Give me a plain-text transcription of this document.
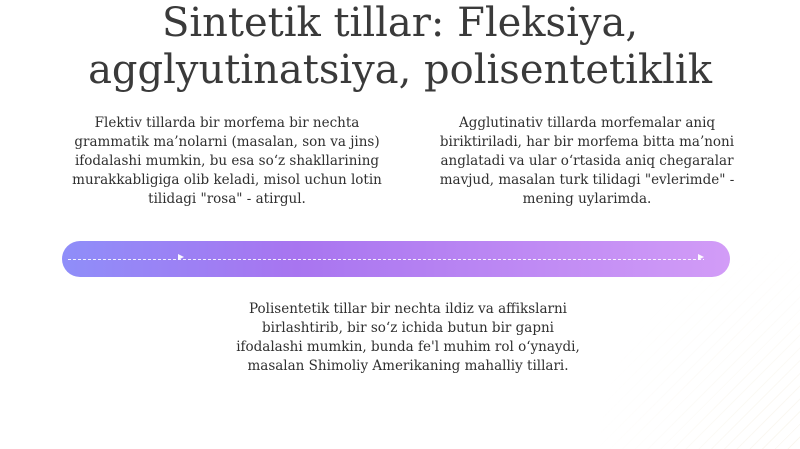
Sintetik tillar: Fleksiya, agglyutinatsiya, polisentetiklik

Flektiv tillarda bir morfema bir nechta grammatik ma’nolarni (masalan, son va jins) ifodalashi mumkin, bu esa soʻz shakllarining murakkabligiga olib keladi, misol uchun lotin tilidagi "rosa" - atirgul.

Agglutinativ tillarda morfemalar aniq biriktiriladi, har bir morfema bitta ma’noni anglatadi va ular oʻrtasida aniq chegaralar mavjud, masalan turk tilidagi "evlerimde" - mening uylarimda.

Polisentetik tillar bir nechta ildiz va affikslarni birlashtirib, bir soʻz ichida butun bir gapni ifodalashi mumkin, bunda fe'l muhim rol oʻynaydi, masalan Shimoliy Amerikaning mahalliy tillari.
